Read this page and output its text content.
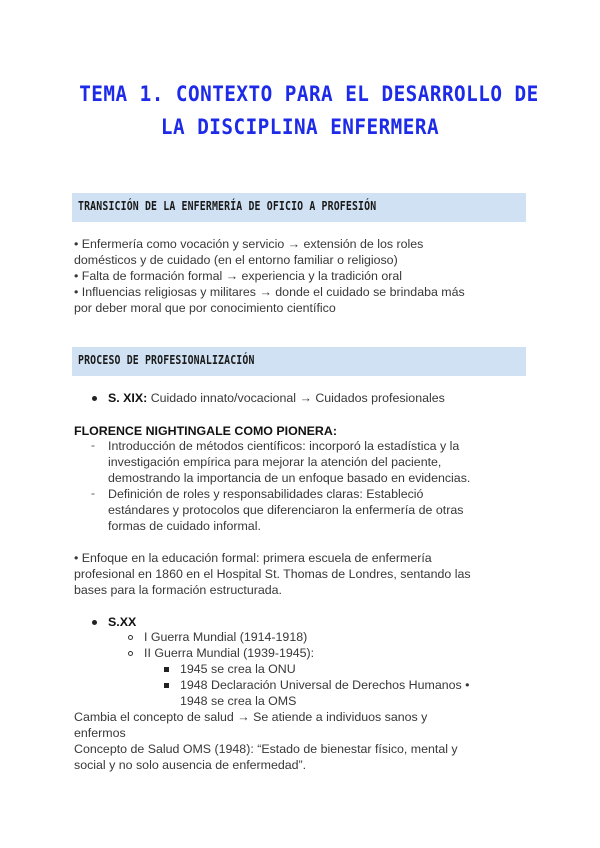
TEMA 1. CONTEXTO PARA EL DESARROLLO DE
LA DISCIPLINA ENFERMERA
TRANSICIÓN DE LA ENFERMERÍA DE OFICIO A PROFESIÓN
• Enfermería como vocación y servicio → extensión de los roles
domésticos y de cuidado (en el entorno familiar o religioso)
• Falta de formación formal → experiencia y la tradición oral
• Influencias religiosas y militares → donde el cuidado se brindaba más
por deber moral que por conocimiento científico
PROCESO DE PROFESIONALIZACIÓN
S. XIX: Cuidado innato/vocacional → Cuidados profesionales
FLORENCE NIGHTINGALE COMO PIONERA:
- Introducción de métodos científicos: incorporó la estadística y la
investigación empírica para mejorar la atención del paciente,
demostrando la importancia de un enfoque basado en evidencias.
- Definición de roles y responsabilidades claras: Estableció
estándares y protocolos que diferenciaron la enfermería de otras
formas de cuidado informal.
• Enfoque en la educación formal: primera escuela de enfermería
profesional en 1860 en el Hospital St. Thomas de Londres, sentando las
bases para la formación estructurada.
S.XX
I Guerra Mundial (1914-1918)
II Guerra Mundial (1939-1945):
1945 se crea la ONU
1948 Declaración Universal de Derechos Humanos •
1948 se crea la OMS
Cambia el concepto de salud → Se atiende a individuos sanos y
enfermos
Concepto de Salud OMS (1948): “Estado de bienestar físico, mental y
social y no solo ausencia de enfermedad”.
